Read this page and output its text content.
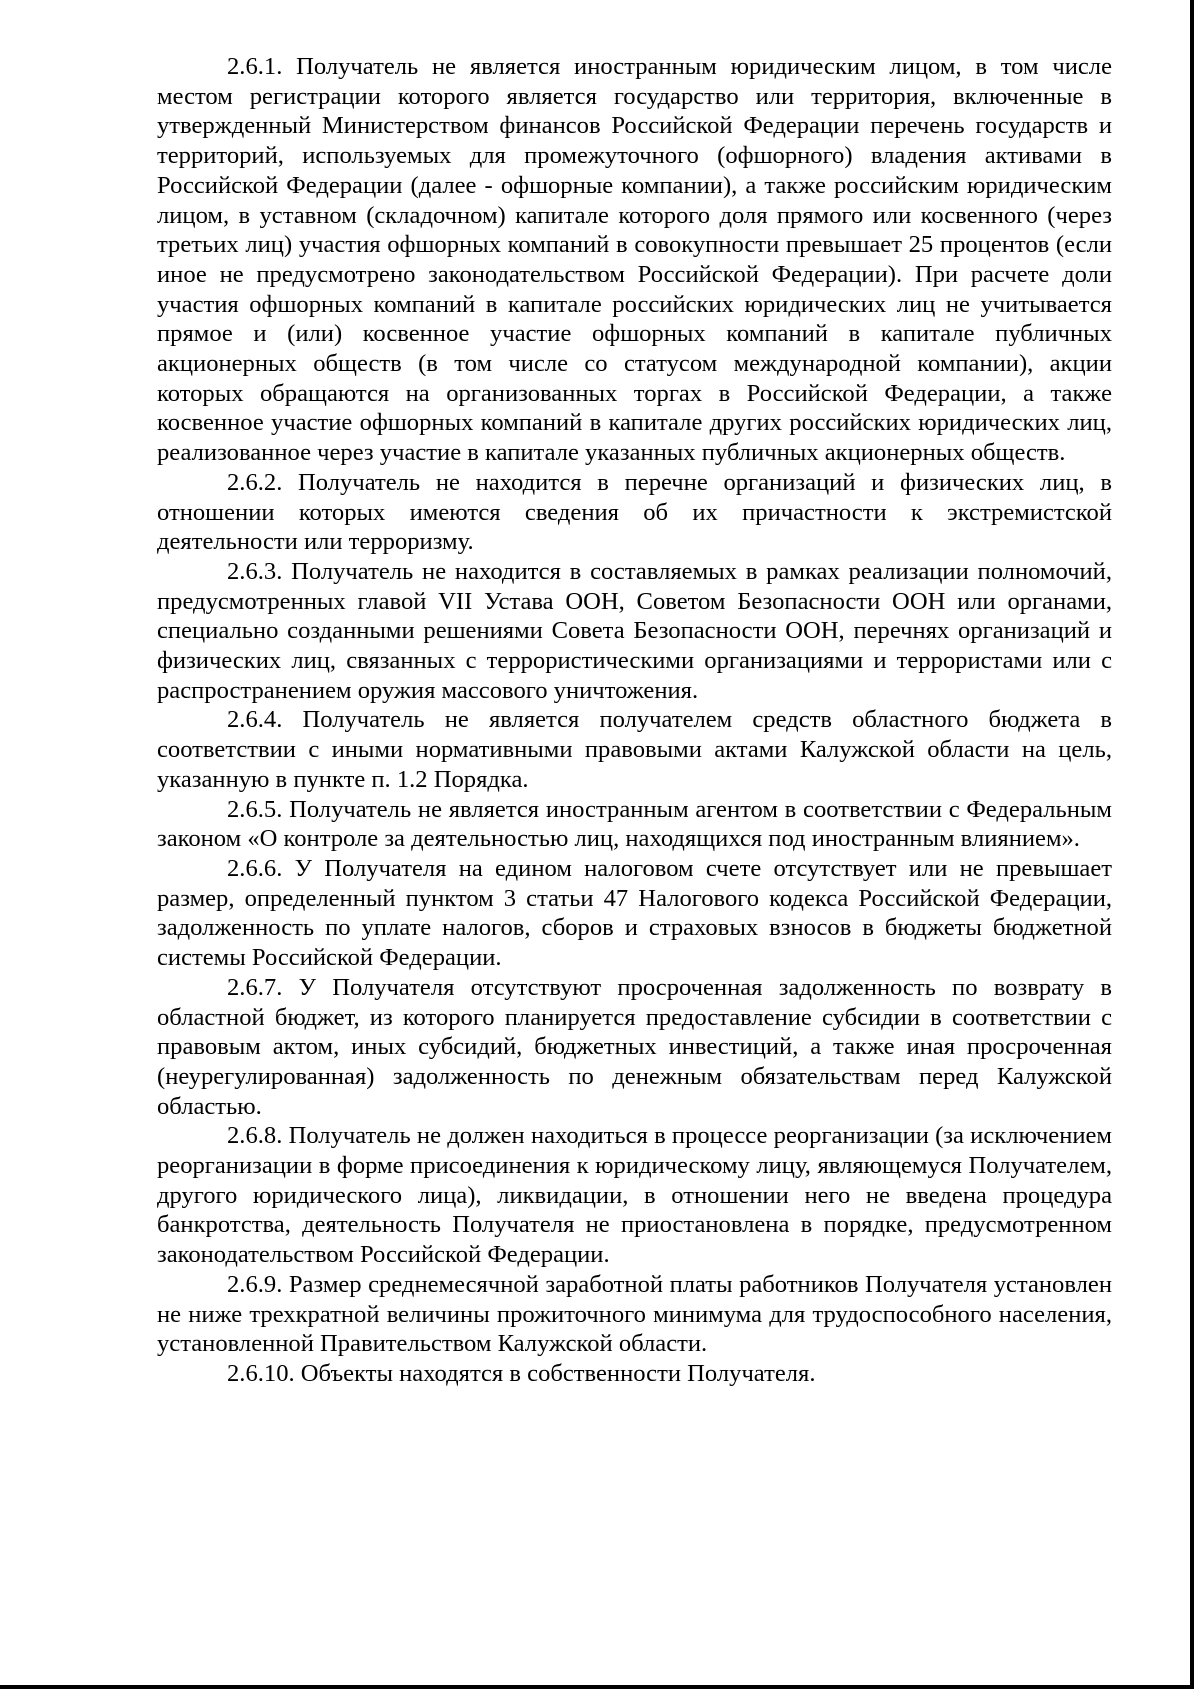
2.6.1. Получатель не является иностранным юридическим лицом, в том числе местом регистрации которого является государство или территория, включенные в утвержденный Министерством финансов Российской Федерации перечень государств и территорий, используемых для промежуточного (офшорного) владения активами в Российской Федерации (далее - офшорные компании), а также российским юридическим лицом, в уставном (складочном) капитале которого доля прямого или косвенного (через третьих лиц) участия офшорных компаний в совокупности превышает 25 процентов (если иное не предусмотрено законодательством Российской Федерации). При расчете доли участия офшорных компаний в капитале российских юридических лиц не учитывается прямое и (или) косвенное участие офшорных компаний в капитале публичных акционерных обществ (в том числе со статусом международной компании), акции которых обращаются на организованных торгах в Российской Федерации, а также косвенное участие офшорных компаний в капитале других российских юридических лиц, реализованное через участие в капитале указанных публичных акционерных обществ.

2.6.2. Получатель не находится в перечне организаций и физических лиц, в отношении которых имеются сведения об их причастности к экстремистской деятельности или терроризму.

2.6.3. Получатель не находится в составляемых в рамках реализации полномочий, предусмотренных главой VII Устава ООН, Советом Безопасности ООН или органами, специально созданными решениями Совета Безопасности ООН, перечнях организаций и физических лиц, связанных с террористическими организациями и террористами или с распространением оружия массового уничтожения.

2.6.4. Получатель не является получателем средств областного бюджета в соответствии с иными нормативными правовыми актами Калужской области на цель, указанную в пункте п. 1.2 Порядка.

2.6.5. Получатель не является иностранным агентом в соответствии с Федеральным законом «О контроле за деятельностью лиц, находящихся под иностранным влиянием».

2.6.6. У Получателя на едином налоговом счете отсутствует или не превышает размер, определенный пунктом 3 статьи 47 Налогового кодекса Российской Федерации, задолженность по уплате налогов, сборов и страховых взносов в бюджеты бюджетной системы Российской Федерации.

2.6.7. У Получателя отсутствуют просроченная задолженность по возврату в областной бюджет, из которого планируется предоставление субсидии в соответствии с правовым актом, иных субсидий, бюджетных инвестиций, а также иная просроченная (неурегулированная) задолженность по денежным обязательствам перед Калужской областью.

2.6.8. Получатель не должен находиться в процессе реорганизации (за исключением реорганизации в форме присоединения к юридическому лицу, являющемуся Получателем, другого юридического лица), ликвидации, в отношении него не введена процедура банкротства, деятельность Получателя не приостановлена в порядке, предусмотренном законодательством Российской Федерации.

2.6.9. Размер среднемесячной заработной платы работников Получателя установлен не ниже трехкратной величины прожиточного минимума для трудоспособного населения, установленной Правительством Калужской области.

2.6.10. Объекты находятся в собственности Получателя.
